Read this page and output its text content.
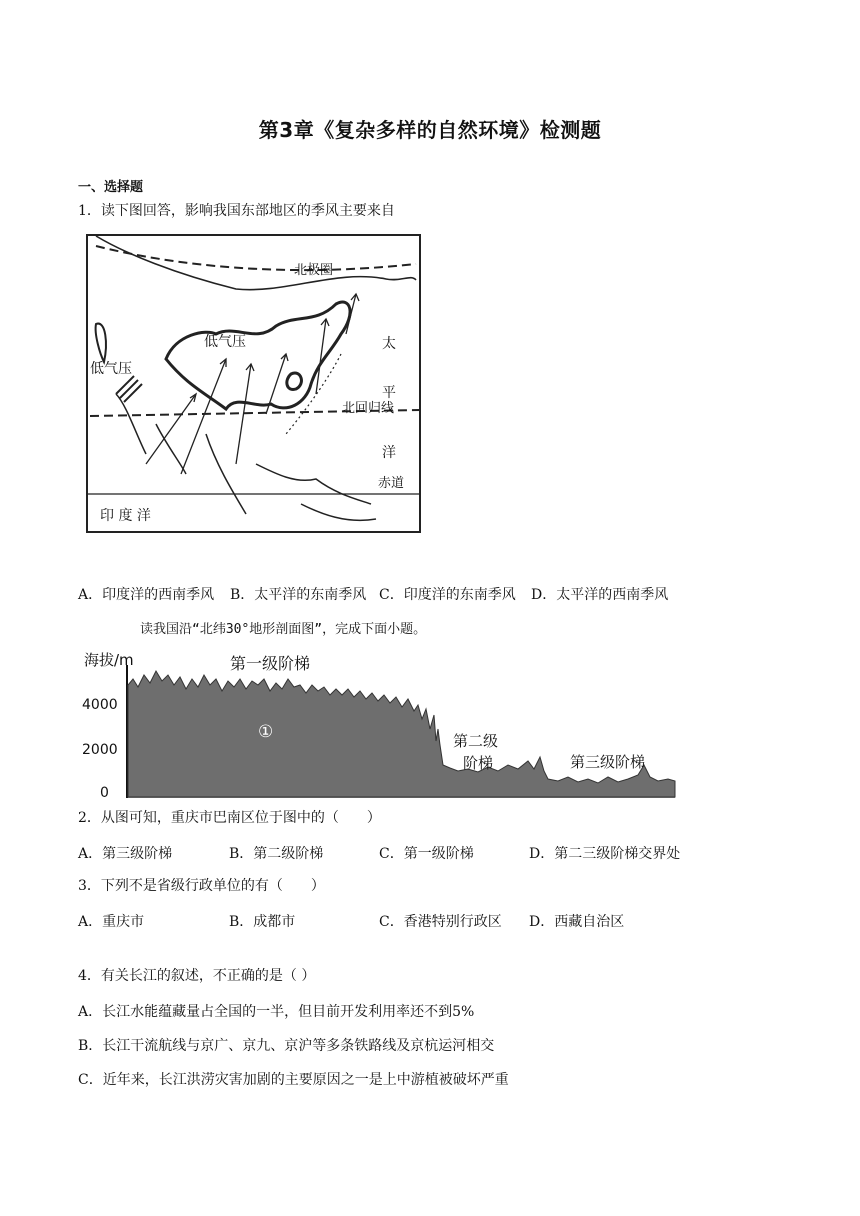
第3章《复杂多样的自然环境》检测题
一、选择题
1．读下图回答，影响我国东部地区的季风主要来自
北极圈
低气压
低气压
太
平
北回归线
洋
赤道
印 度 洋
A．印度洋的西南季风 B．太平洋的东南季风 C．印度洋的东南季风 D．太平洋的西南季风
读我国沿“北纬30°地形剖面图”，完成下面小题。
海拔/m
4000
2000
0
第一级阶梯
①	第二级
阶梯	第三级阶梯
2．从图可知，重庆市巴南区位于图中的（　　）
A．第三级阶梯	B．第二级阶梯	C．第一级阶梯	D．第二三级阶梯交界处
3．下列不是省级行政单位的有（　　）
A．重庆市	B．成都市	C．香港特别行政区 D．西藏自治区
4．有关长江的叙述，不正确的是（ ）
A．长江水能蕴藏量占全国的一半，但目前开发利用率还不到5%
B．长江干流航线与京广、京九、京沪等多条铁路线及京杭运河相交
C．近年来，长江洪涝灾害加剧的主要原因之一是上中游植被破坏严重
